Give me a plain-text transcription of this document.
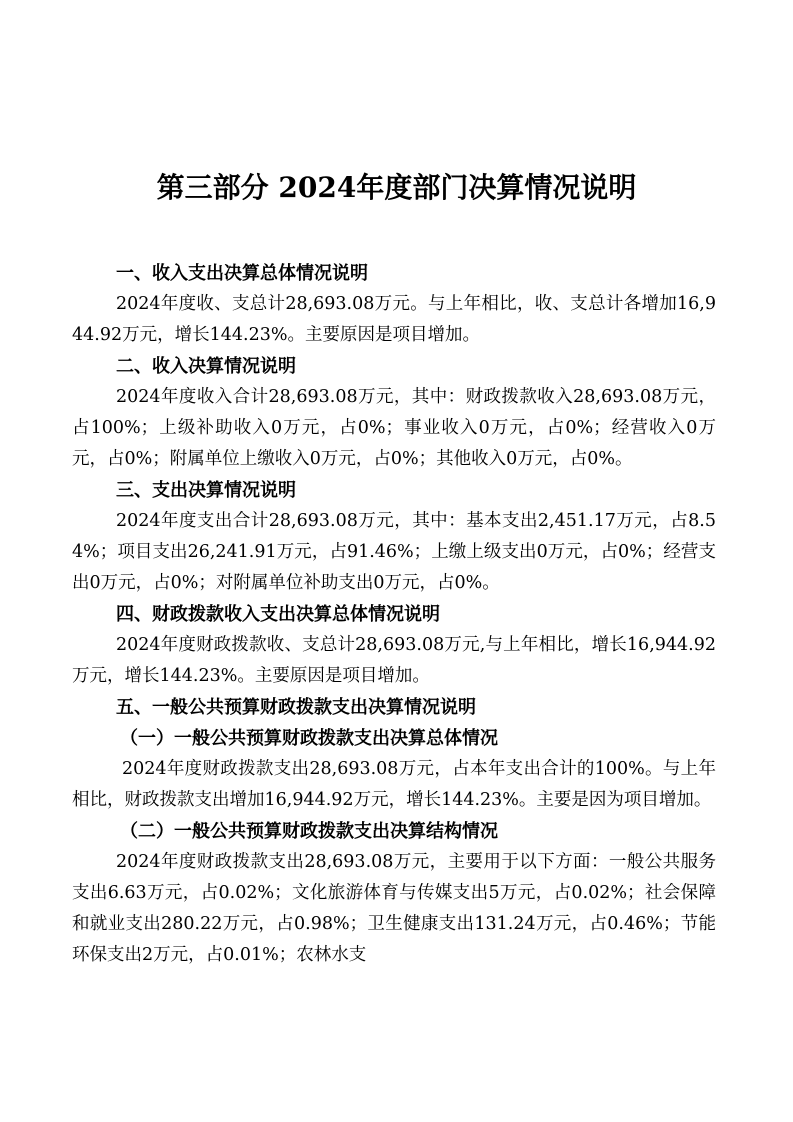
第三部分 2024年度部门决算情况说明
一、收入支出决算总体情况说明
2024年度收、支总计28,693.08万元。与上年相比，收、支总计各增加16,944.92万元，增长144.23%。主要原因是项目增加。
二、收入决算情况说明
2024年度收入合计28,693.08万元，其中：财政拨款收入28,693.08万元，占100%；上级补助收入0万元，占0%；事业收入0万元，占0%；经营收入0万元，占0%；附属单位上缴收入0万元，占0%；其他收入0万元，占0%。
三、支出决算情况说明
2024年度支出合计28,693.08万元，其中：基本支出2,451.17万元，占8.54%；项目支出26,241.91万元，占91.46%；上缴上级支出0万元，占0%；经营支出0万元，占0%；对附属单位补助支出0万元，占0%。
四、财政拨款收入支出决算总体情况说明
2024年度财政拨款收、支总计28,693.08万元,与上年相比，增长16,944.92万元，增长144.23%。主要原因是项目增加。
五、一般公共预算财政拨款支出决算情况说明
（一）一般公共预算财政拨款支出决算总体情况
2024年度财政拨款支出28,693.08万元，占本年支出合计的100%。与上年相比，财政拨款支出增加16,944.92万元，增长144.23%。主要是因为项目增加。
（二）一般公共预算财政拨款支出决算结构情况
2024年度财政拨款支出28,693.08万元，主要用于以下方面：一般公共服务支出6.63万元，占0.02%；文化旅游体育与传媒支出5万元，占0.02%；社会保障和就业支出280.22万元，占0.98%；卫生健康支出131.24万元，占0.46%；节能环保支出2万元，占0.01%；农林水支
